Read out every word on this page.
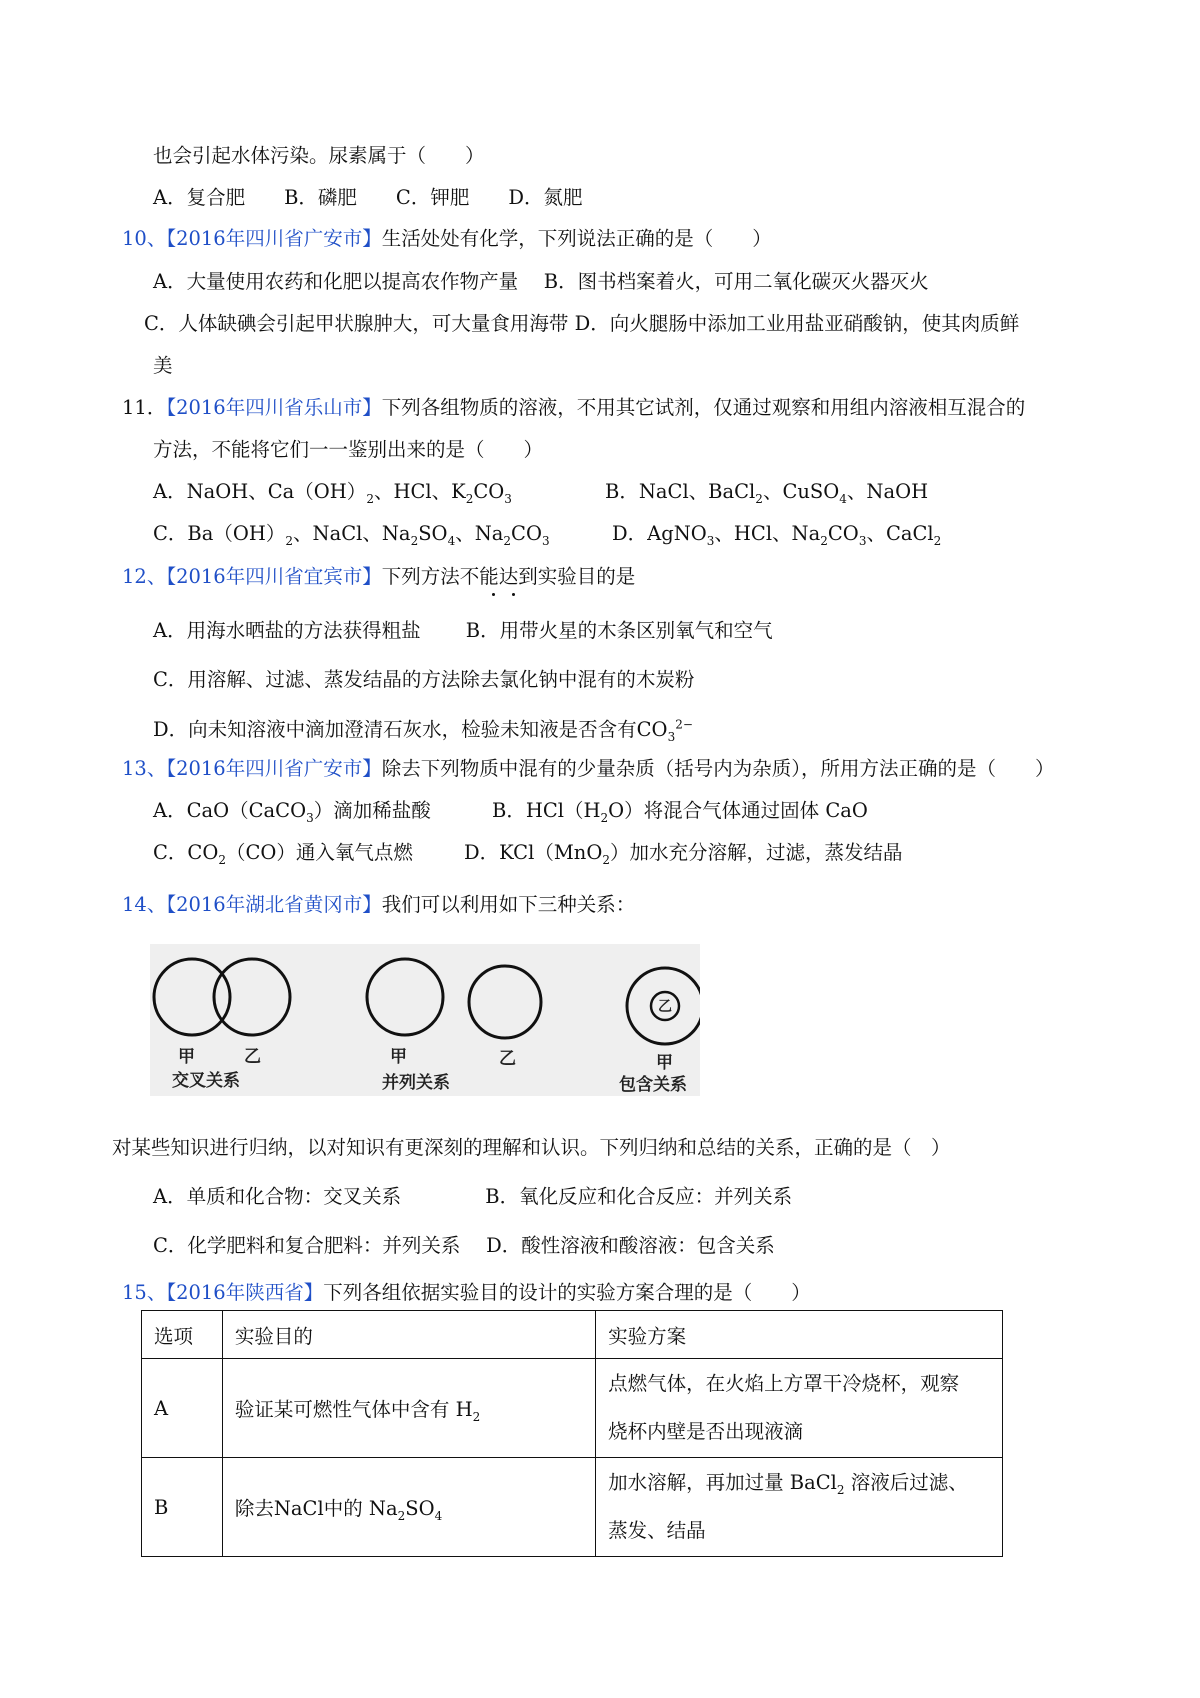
也会引起水体污染。尿素属于（　　）
A．复合肥　　B．磷肥　　C．钾肥　　D．氮肥
10、【2016年四川省广安市】生活处处有化学，下列说法正确的是（　　）
A．大量使用农药和化肥以提高农作物产量　 B．图书档案着火，可用二氧化碳灭火器灭火
C．人体缺碘会引起甲状腺肿大，可大量食用海带 D．向火腿肠中添加工业用盐亚硝酸钠，使其肉质鲜
美
11．【2016年四川省乐山市】下列各组物质的溶液，不用其它试剂，仅通过观察和用组内溶液相互混合的
方法，不能将它们一一鉴别出来的是（　　）
A．NaOH、$Ca(OH)_2$、HCl、$K_2CO_3$	B．NaCl、BaCl$_2$、CuSO$_4$、NaOH
C．$Ba(OH)_2$、NaCl、$Na_2SO_4$、$Na_2CO_3$	D．AgNO$_3$、HCl、$Na_2CO_3$、CaCl$_2$
12、【2016年四川省宜宾市】下列方法不能达到实验目的是
A．用海水晒盐的方法获得粗盐　　 B．用带火星的木条区别氧气和空气
C．用溶解、过滤、蒸发结晶的方法除去氯化钠中混有的木炭粉
D．向未知溶液中滴加澄清石灰水，检验未知液是否含有$CO_3^{2-}$
13、【2016年四川省广安市】除去下列物质中混有的少量杂质（括号内为杂质），所用方法正确的是（　　）
A．CaO（CaCO$_3$）滴加稀盐酸	B．$HCl(H_2O)$将混合气体通过固体 CaO
C．$CO_2(CO)$通入氧气点燃	D．KCl（MnO$_2$）加水充分溶解，过滤，蒸发结晶
14、【2016年湖北省黄冈市】我们可以利用如下三种关系：
甲	乙
交叉关系
甲	乙
并列关系
乙
甲
包含关系
对某些知识进行归纳，以对知识有更深刻的理解和认识。下列归纳和总结的关系，正确的是（　）
A．单质和化合物：交叉关系　　　　 B．氧化反应和化合反应：并列关系
C．化学肥料和复合肥料：并列关系　 D．酸性溶液和酸溶液：包含关系
15、【2016年陕西省】下列各组依据实验目的设计的实验方案合理的是（　　）
选项	实验目的	实验方案
A	验证某可燃性气体中含有 $H_2$	点燃气体，在火焰上方罩干冷烧杯，观察
烧杯内壁是否出现液滴

B	除去NaCl中的 $Na_2SO_4$	加水溶解，再加过量 BaCl$_2$ 溶液后过滤、
蒸发、结晶
